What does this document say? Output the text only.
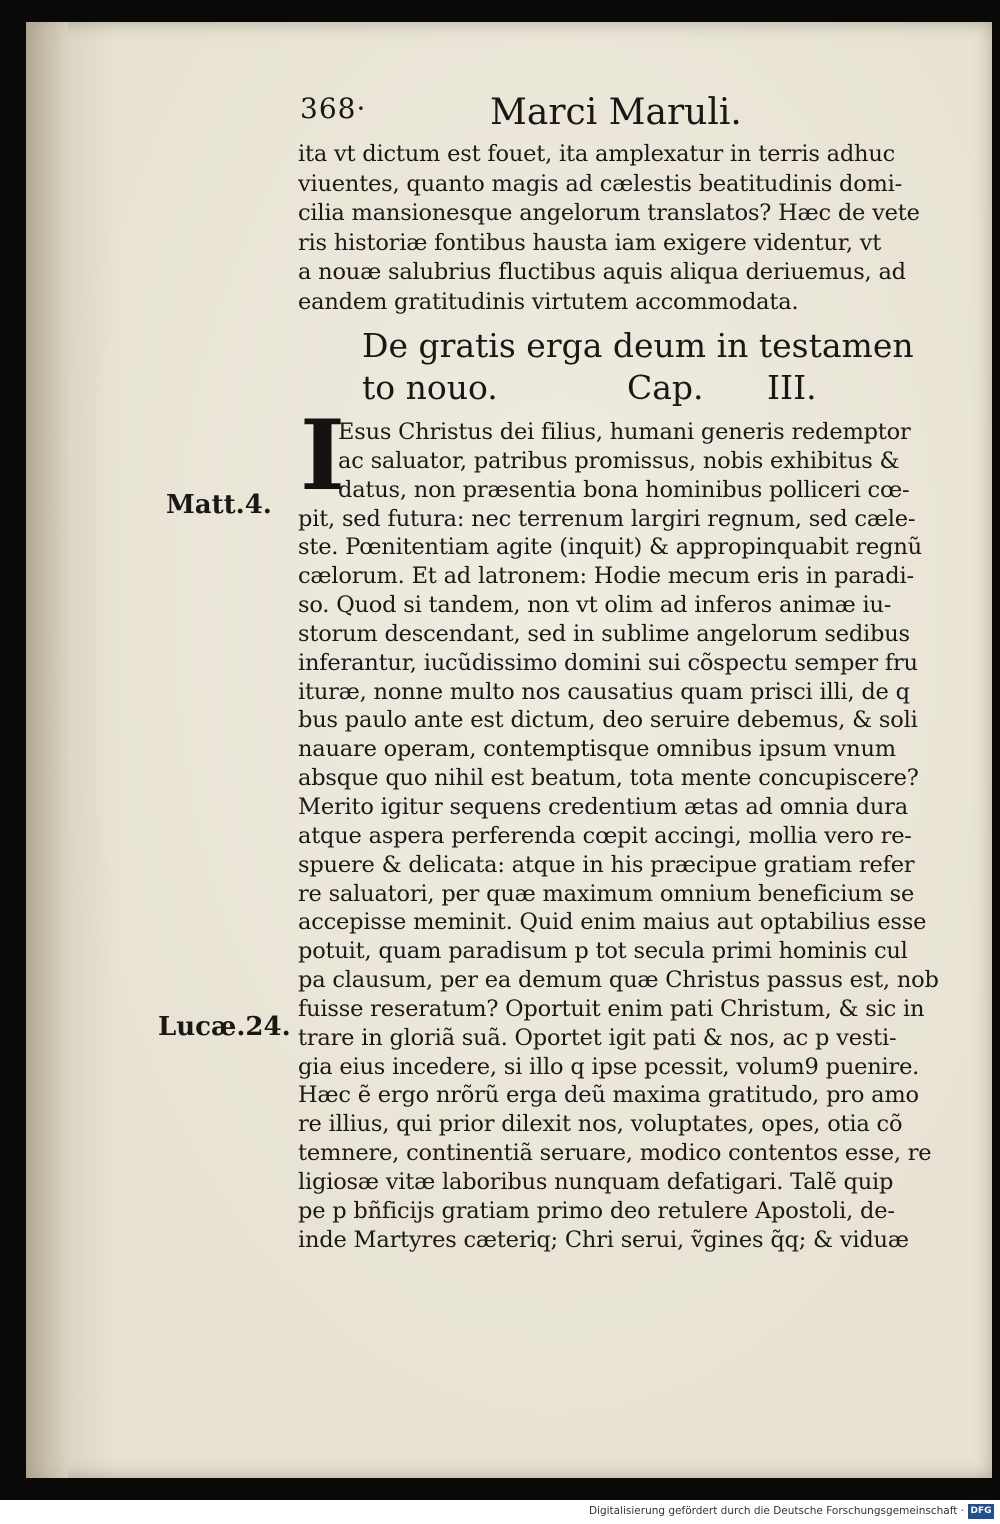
368·	Marci Maruli.
ita vt dictum est fouet, ita amplexatur in terris adhuc
viuentes, quanto magis ad cælestis beatitudinis domi-
cilia mansionesque angelorum translatos? Hæc de vete
ris historiæ fontibus hausta iam exigere videntur, vt
a nouæ salubrius fluctibus aquis aliqua deriuemus, ad
eandem gratitudinis virtutem accommodata.
De gratis erga deum in testamen
to nouo.	Cap.	III.
I
Esus Christus dei filius, humani generis redemptor
ac saluator, patribus promissus, nobis exhibitus &
datus, non præsentia bona hominibus polliceri cœ-
pit, sed futura: nec terrenum largiri regnum, sed cæle-
ste. Pœnitentiam agite (inquit) & appropinquabit regnũ
cælorum. Et ad latronem: Hodie mecum eris in paradi-
so. Quod si tandem, non vt olim ad inferos animæ iu-
storum descendant, sed in sublime angelorum sedibus
inferantur, iucũdissimo domini sui cõspectu semper fru
ituræ, nonne multo nos causatius quam prisci illi, de q
bus paulo ante est dictum, deo seruire debemus, & soli
nauare operam, contemptisque omnibus ipsum vnum
absque quo nihil est beatum, tota mente concupiscere?
Merito igitur sequens credentium ætas ad omnia dura
atque aspera perferenda cœpit accingi, mollia vero re-
spuere & delicata: atque in his præcipue gratiam refer
re saluatori, per quæ maximum omnium beneficium se
accepisse meminit. Quid enim maius aut optabilius esse
potuit, quam paradisum p tot secula primi hominis cul
pa clausum, per ea demum quæ Christus passus est, nob
fuisse reseratum? Oportuit enim pati Christum, & sic in
trare in gloriã suã. Oportet igit pati & nos, ac p vesti-
gia eius incedere, si illo q ipse pcessit, volum9 puenire.
Hæc ẽ ergo nrõrũ erga deũ maxima gratitudo, pro amo
re illius, qui prior dilexit nos, voluptates, opes, otia cõ
temnere, continentiã seruare, modico contentos esse, re
ligiosæ vitæ laboribus nunquam defatigari. Talẽ quip
pe p bñficijs gratiam primo deo retulere Apostoli, de-
inde Martyres cæteriq; Chri serui, ṽgines q̃q; & viduæ
Matt.4.
Lucæ.24.
Digitalisierung gefördert durch die Deutsche Forschungsgemeinschaft · DFG
